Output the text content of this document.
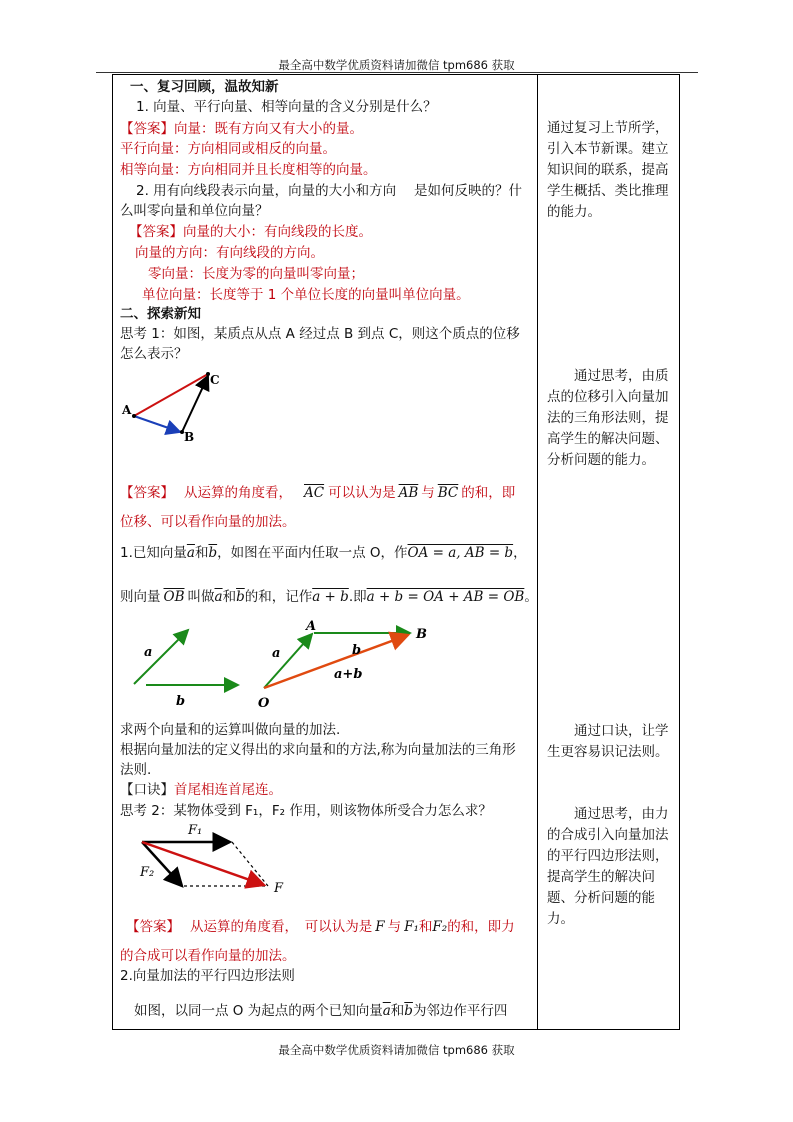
最全高中数学优质资料请加微信 tpm686 获取
一、复习回顾，温故知新
1. 向量、平行向量、相等向量的含义分别是什么？
【答案】向量：既有方向又有大小的量。
平行向量：方向相同或相反的向量。
相等向量：方向相同并且长度相等的向量。
2. 用有向线段表示向量，向量的大小和方向　 是如何反映的？什
么叫零向量和单位向量？
【答案】向量的大小：有向线段的长度。
向量的方向：有向线段的方向。
零向量：长度为零的向量叫零向量；
单位向量：长度等于 1 个单位长度的向量叫单位向量。
二、探索新知
思考 1：如图，某质点从点 A 经过点 B 到点 C，则这个质点的位移
怎么表示？
A
B
C
【答案】 从运算的角度看， $\overline{AC}$ 可以认为是 $\overline{AB}$ 与 $\overline{BC}$ 的和，即
位移、可以看作向量的加法。
1.已知向量$\overline{a}$和$\overline{b}$，如图在平面内任取一点 O，作OA = a, AB = b，
则向量 $\overline{OB}$ 叫做$\overline{a}$和$\overline{b}$的和，记作a + b.即a + b = OA + AB = OB。
a
b
A
B
O
a	b
a+b
求两个向量和的运算叫做向量的加法.
根据向量加法的定义得出的求向量和的方法,称为向量加法的三角形
法则.
【口诀】首尾相连首尾连。
思考 2：某物体受到 F₁，F₂ 作用，则该物体所受合力怎么求？
F₁
F₂
F
【答案】 从运算的角度看，　可以认为是 F 与 F₁和F₂的和，即力
的合成可以看作向量的加法。
2.向量加法的平行四边形法则
如图，以同一点 O 为起点的两个已知向量$\overline{a}$和$\overline{b}$为邻边作平行四
通过复习上节所学，引入本节新课。建立知识间的联系，提高学生概括、类比推理的能力。
　　通过思考，由质点的位移引入向量加法的三角形法则，提高学生的解决问题、分析问题的能力。
　　通过口诀，让学生更容易识记法则。
　　通过思考，由力的合成引入向量加法的平行四边形法则，提高学生的解决问题、分析问题的能力。
最全高中数学优质资料请加微信 tpm686 获取
